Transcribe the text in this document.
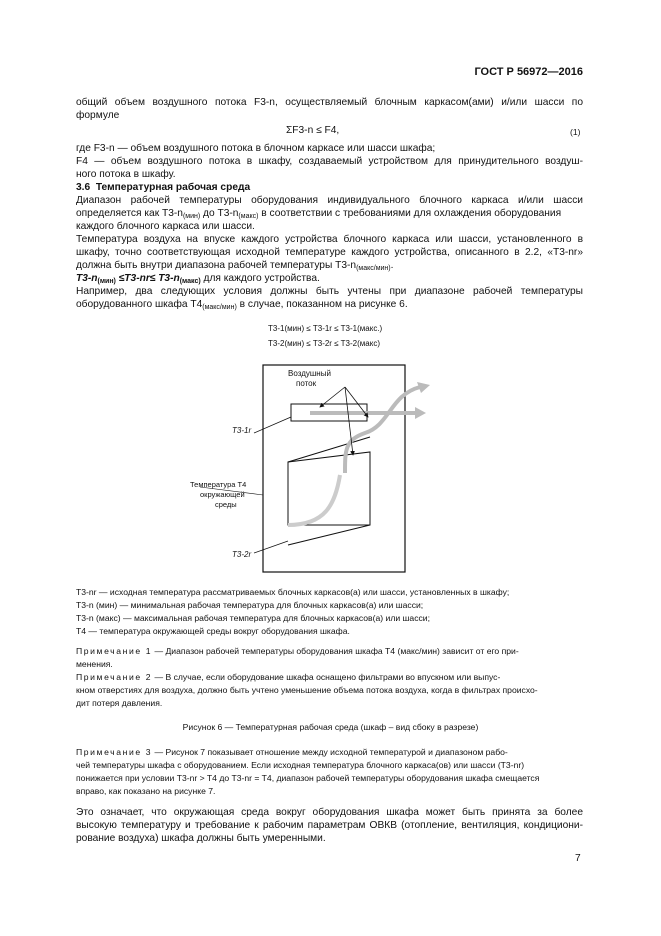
ГОСТ Р 56972—2016
общий объем воздушного потока F3-n, осуществляемый блочным каркасом(ами) и/или шасси по
формуле
ΣF3-n ≤ F4,	(1)
где F3-n — объем воздушного потока в блочном каркасе или шасси шкафа;
F4 — объем воздушного потока в шкафу, создаваемый устройством для принудительного воздуш-
ного потока в шкафу.
3.6 Температурная рабочая среда
Диапазон рабочей температуры оборудования индивидуального блочного каркаса и/или шасси
определяется как $T3-n_{(мин)}$ до $T3-n_{(макс)}$ в соответствии с требованиями для охлаждения оборудования
каждого блочного каркаса или шасси.
Температура воздуха на впуске каждого устройства блочного каркаса или шасси, установленного в
шкафу, точно соответствующая исходной температуре каждого устройства, описанного в 2.2, «T3-nr»
должна быть внутри диапазона рабочей температуры $T3-n_{(макс/мин)}$.
$T3-n_{(мин)} \le T3-nr\le T3-n_{(макс)}$ для каждого устройства.
Например, два следующих условия должны быть учтены при диапазоне рабочей температуры
оборудованного шкафа $T4_{(макс/мин)}$ в случае, показанном на рисунке 6.
T3-1(мин) ≤ T3-1r ≤ T3-1(макс.)
T3-2(мин) ≤ T3-2r ≤ T3-2(макс)
Воздушный
поток
T3-1r
T3-2r
Температура T4
окружающей
среды
T3-nr — исходная температура рассматриваемых блочных каркасов(а) или шасси, установленных в шкафу;
T3-n (мин) — минимальная рабочая температура для блочных каркасов(а) или шасси;
T3-n (макс) — максимальная рабочая температура для блочных каркасов(а) или шасси;
T4 — температура окружающей среды вокруг оборудования шкафа.
Примечание 1 — Диапазон рабочей температуры оборудования шкафа T4 (макс/мин) зависит от его при-
менения.
Примечание 2 — В случае, если оборудование шкафа оснащено фильтрами во впускном или выпус-
кном отверстиях для воздуха, должно быть учтено уменьшение объема потока воздуха, когда в фильтрах происхо-
дит потеря давления.
Рисунок 6 — Температурная рабочая среда (шкаф – вид сбоку в разрезе)
Примечание 3 — Рисунок 7 показывает отношение между исходной температурой и диапазоном рабо-
чей температуры шкафа с оборудованием. Если исходная температура блочного каркаса(ов) или шасси (T3-nr)
понижается при условии T3-nr > T4 до T3-nr = T4, диапазон рабочей температуры оборудования шкафа смещается
вправо, как показано на рисунке 7.
Это означает, что окружающая среда вокруг оборудования шкафа может быть принята за более
высокую температуру и требование к рабочим параметрам ОВКВ (отопление, вентиляция, кондициони-
рование воздуха) шкафа должны быть умеренными.
7
